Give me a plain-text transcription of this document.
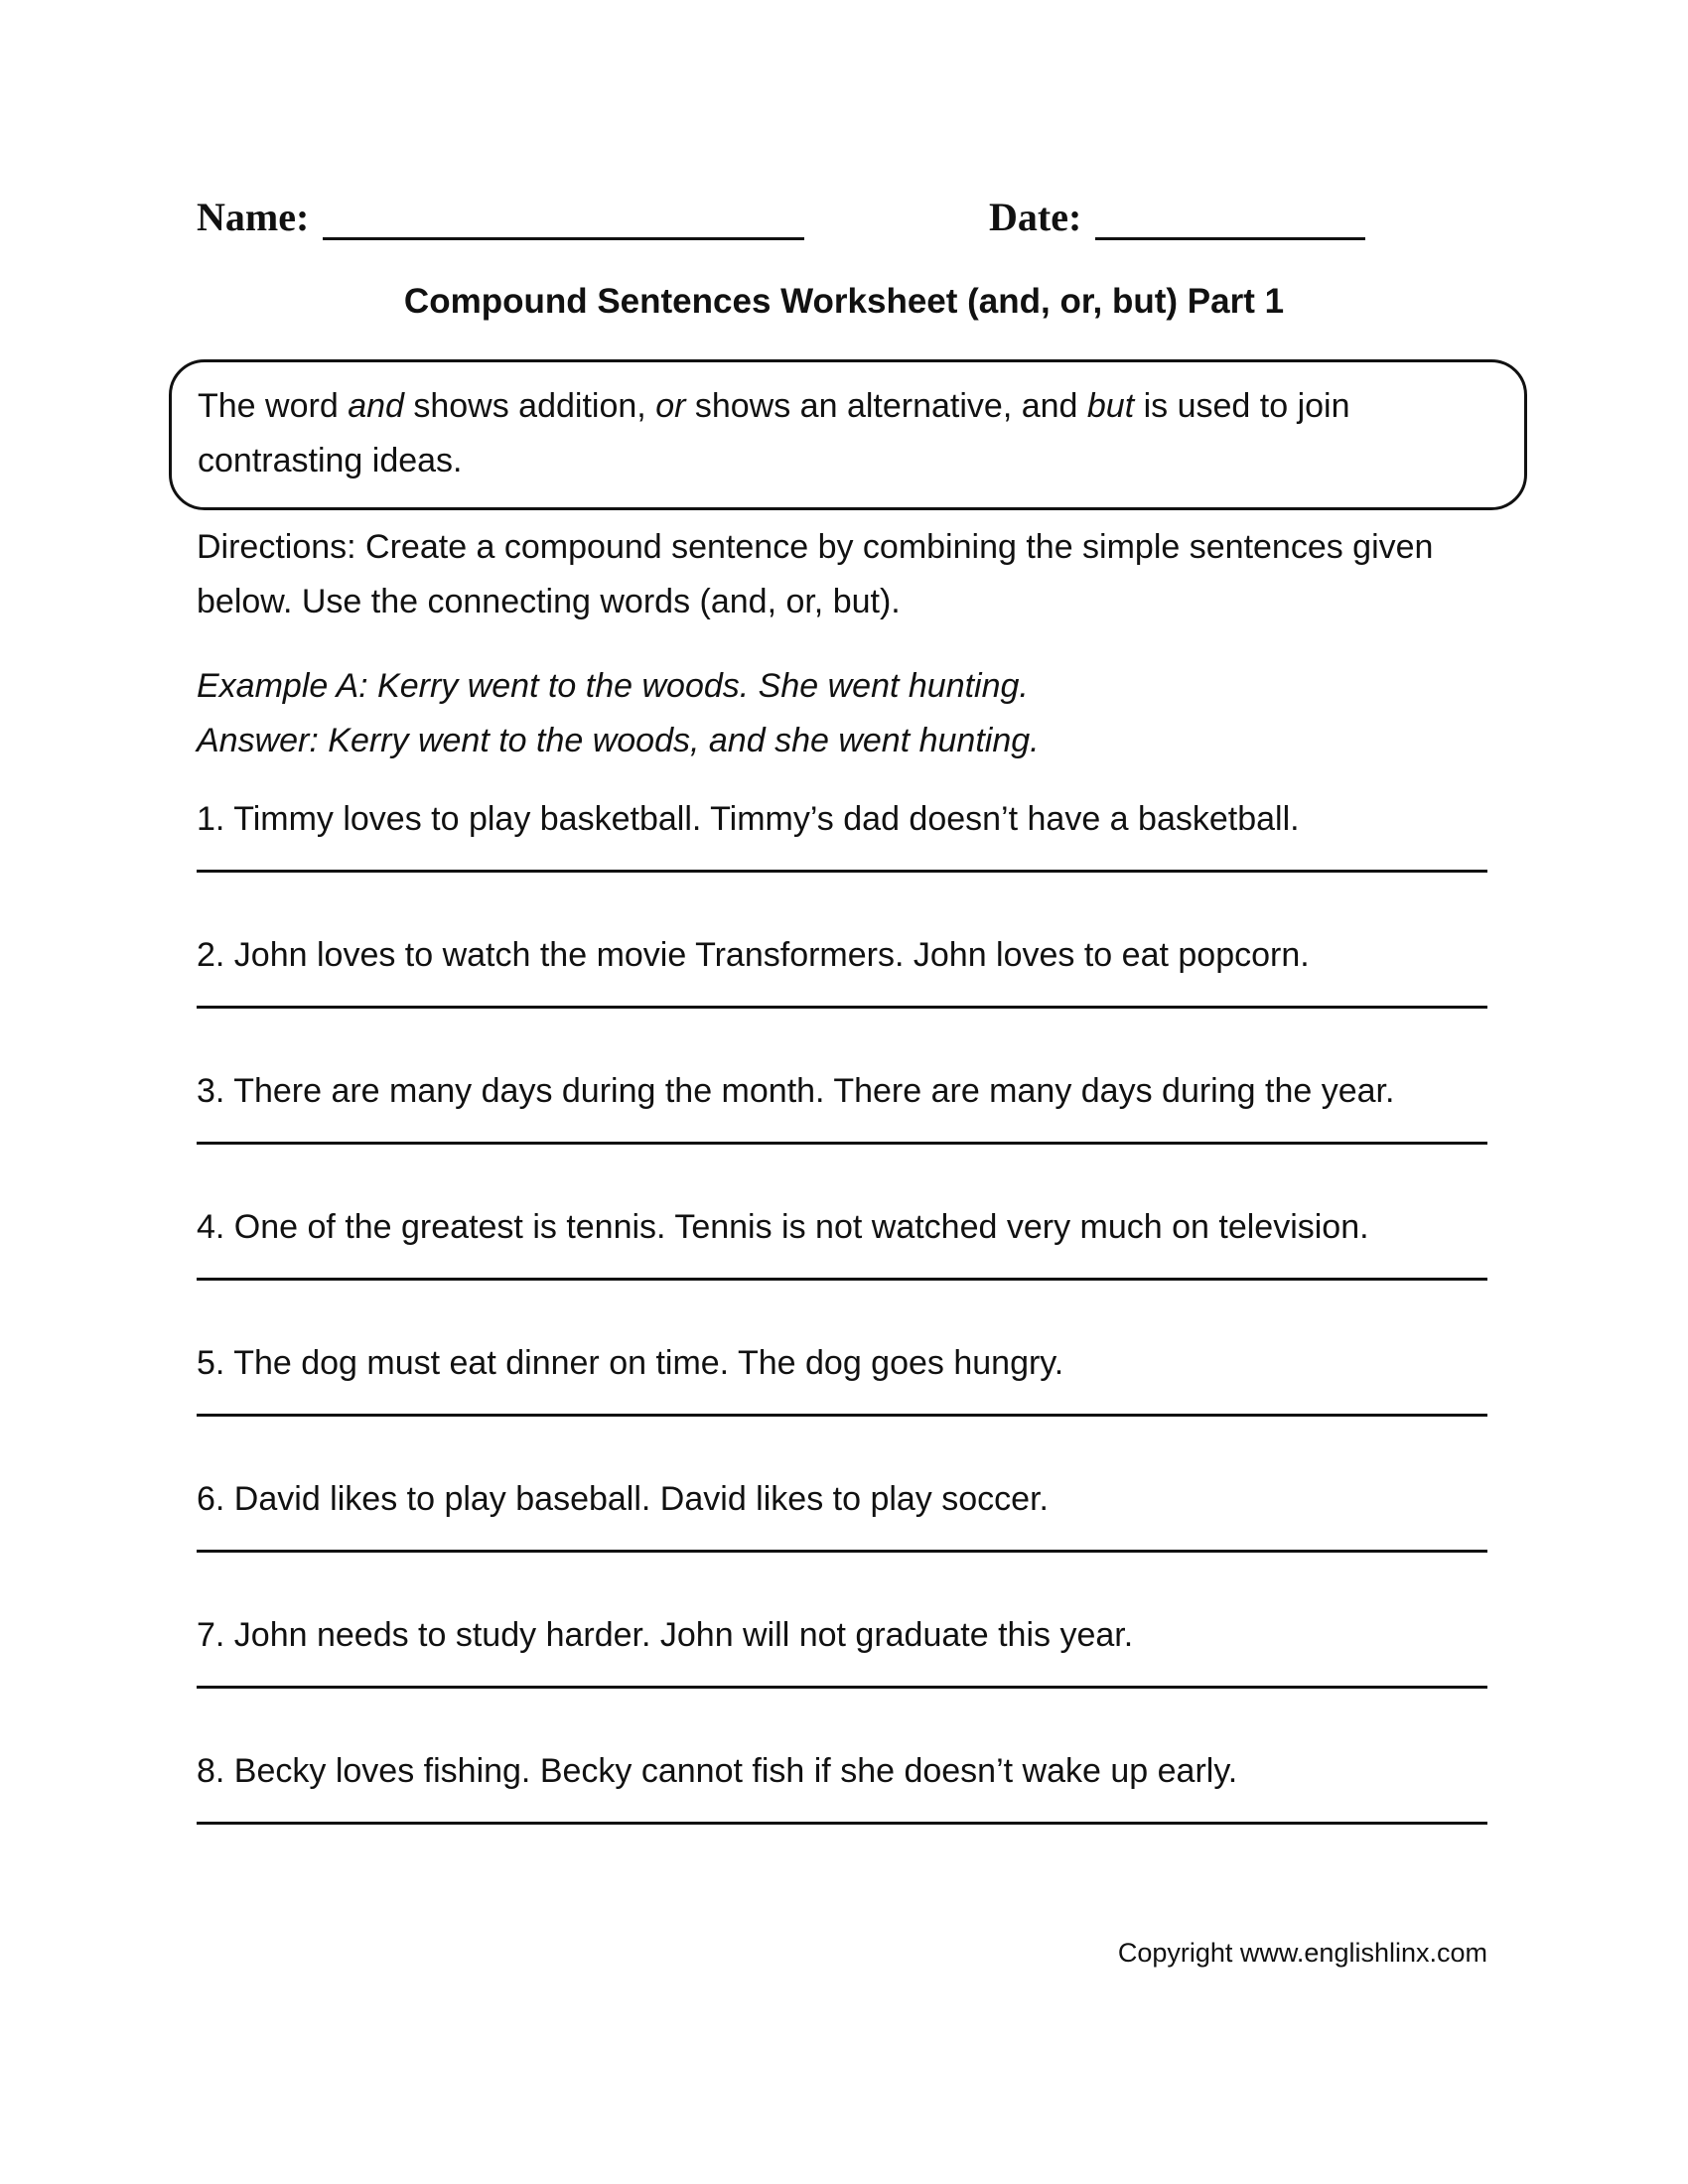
Name:	Date:
Compound Sentences Worksheet (and, or, but) Part 1
The word and shows addition, or shows an alternative, and but is used to join contrasting ideas.
Directions: Create a compound sentence by combining the simple sentences given below. Use the connecting words (and, or, but).
Example A: Kerry went to the woods. She went hunting.
Answer: Kerry went to the woods, and she went hunting.
1. Timmy loves to play basketball. Timmy’s dad doesn’t have a basketball.
2. John loves to watch the movie Transformers. John loves to eat popcorn.
3. There are many days during the month. There are many days during the year.
4. One of the greatest is tennis. Tennis is not watched very much on television.
5. The dog must eat dinner on time. The dog goes hungry.
6. David likes to play baseball. David likes to play soccer.
7. John needs to study harder. John will not graduate this year.
8. Becky loves fishing. Becky cannot fish if she doesn’t wake up early.
Copyright www.englishlinx.com
